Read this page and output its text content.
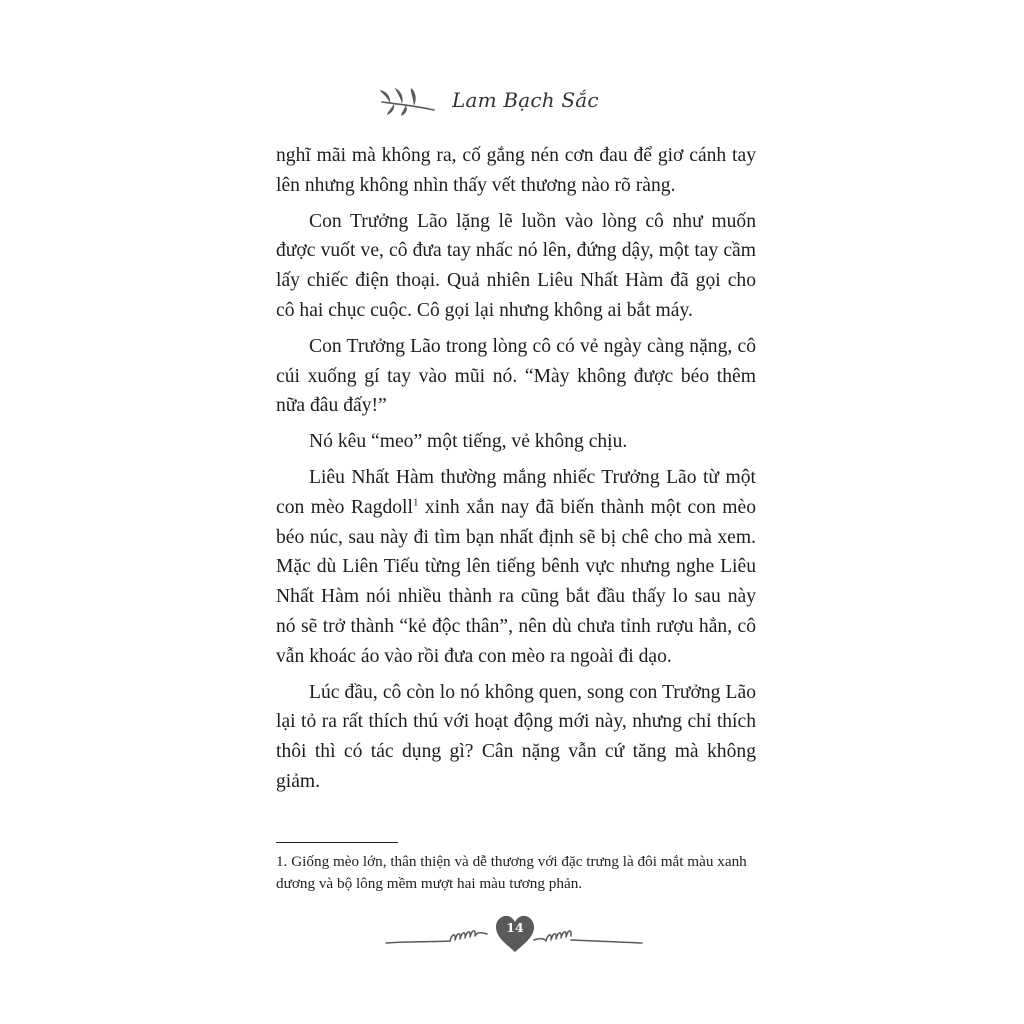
Lam Bạch Sắc

nghĩ mãi mà không ra, cố gắng nén cơn đau để giơ cánh tay lên nhưng không nhìn thấy vết thương nào rõ ràng.

Con Trưởng Lão lặng lẽ luồn vào lòng cô như muốn được vuốt ve, cô đưa tay nhấc nó lên, đứng dậy, một tay cầm lấy chiếc điện thoại. Quả nhiên Liêu Nhất Hàm đã gọi cho cô hai chục cuộc. Cô gọi lại nhưng không ai bắt máy.

Con Trưởng Lão trong lòng cô có vẻ ngày càng nặng, cô cúi xuống gí tay vào mũi nó. “Mày không được béo thêm nữa đâu đấy!”

Nó kêu “meo” một tiếng, vẻ không chịu.

Liêu Nhất Hàm thường mắng nhiếc Trưởng Lão từ một con mèo Ragdoll$^1$ xinh xắn nay đã biến thành một con mèo béo núc, sau này đi tìm bạn nhất định sẽ bị chê cho mà xem. Mặc dù Liên Tiếu từng lên tiếng bênh vực nhưng nghe Liêu Nhất Hàm nói nhiều thành ra cũng bắt đầu thấy lo sau này nó sẽ trở thành “kẻ độc thân”, nên dù chưa tỉnh rượu hẳn, cô vẫn khoác áo vào rồi đưa con mèo ra ngoài đi dạo.

Lúc đầu, cô còn lo nó không quen, song con Trưởng Lão lại tỏ ra rất thích thú với hoạt động mới này, nhưng chỉ thích thôi thì có tác dụng gì? Cân nặng vẫn cứ tăng mà không giảm.

1. Giống mèo lớn, thân thiện và dễ thương với đặc trưng là đôi mắt màu xanh dương và bộ lông mềm mượt hai màu tương phản.
14
